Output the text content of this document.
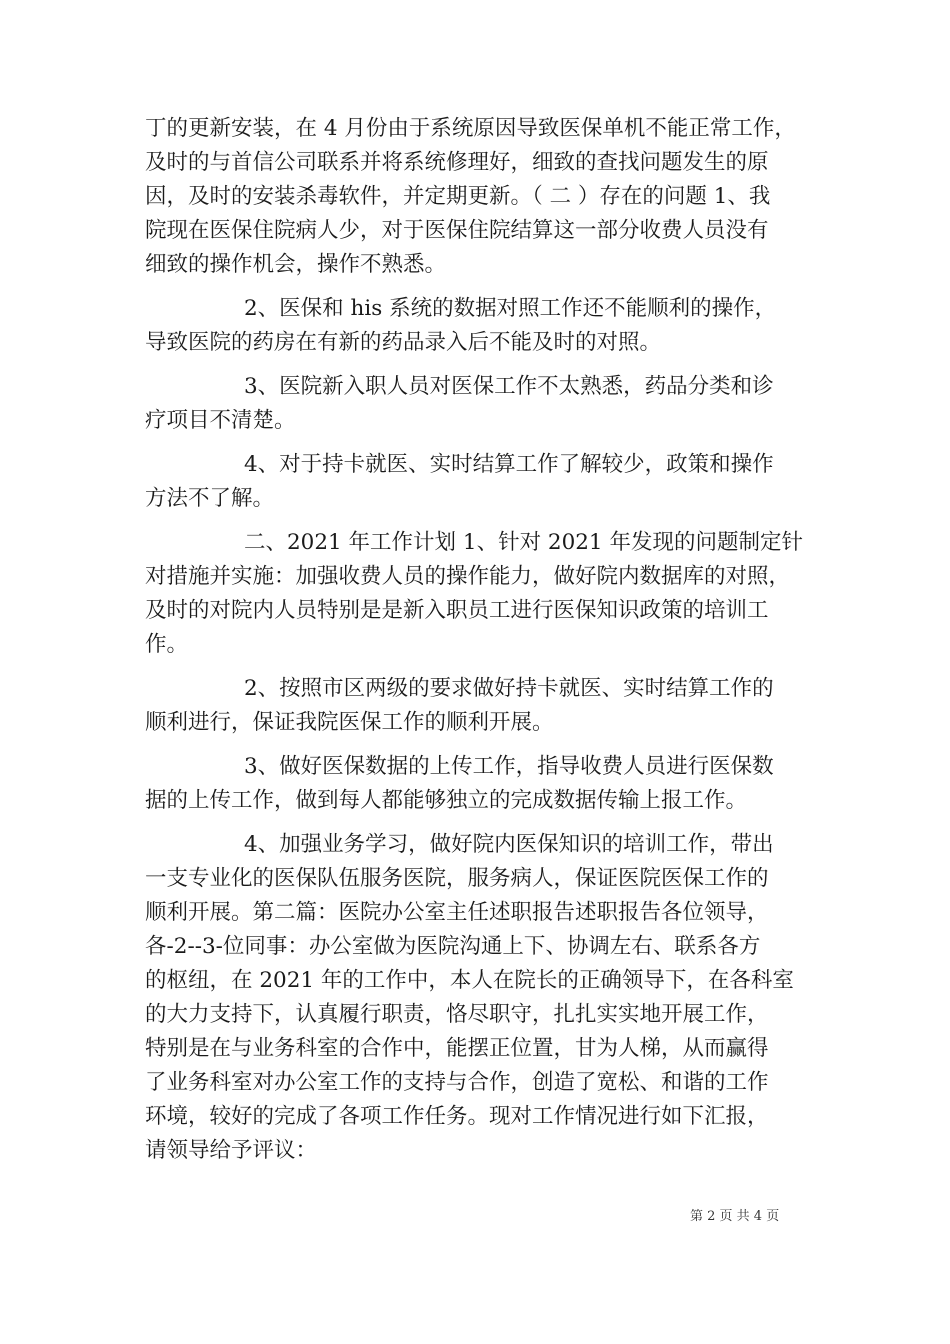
丁的更新安装，在 4 月份由于系统原因导致医保单机不能正常工作，
及时的与首信公司联系并将系统修理好，细致的查找问题发生的原
因，及时的安装杀毒软件，并定期更新。（ 二 ）存在的问题 1、我
院现在医保住院病人少，对于医保住院结算这一部分收费人员没有
细致的操作机会，操作不熟悉。

2、医保和 his 系统的数据对照工作还不能顺利的操作，
导致医院的药房在有新的药品录入后不能及时的对照。

3、医院新入职人员对医保工作不太熟悉，药品分类和诊
疗项目不清楚。

4、对于持卡就医、实时结算工作了解较少，政策和操作
方法不了解。

二、2021 年工作计划 1、针对 2021 年发现的问题制定针
对措施并实施：加强收费人员的操作能力，做好院内数据库的对照，
及时的对院内人员特别是是新入职员工进行医保知识政策的培训工
作。

2、按照市区两级的要求做好持卡就医、实时结算工作的
顺利进行，保证我院医保工作的顺利开展。

3、做好医保数据的上传工作，指导收费人员进行医保数
据的上传工作，做到每人都能够独立的完成数据传输上报工作。

4、加强业务学习，做好院内医保知识的培训工作，带出
一支专业化的医保队伍服务医院，服务病人，保证医院医保工作的
顺利开展。第二篇：医院办公室主任述职报告述职报告各位领导，
各-2--3-位同事：办公室做为医院沟通上下、协调左右、联系各方
的枢纽，在 2021 年的工作中，本人在院长的正确领导下，在各科室
的大力支持下，认真履行职责，恪尽职守，扎扎实实地开展工作，
特别是在与业务科室的合作中，能摆正位置，甘为人梯，从而赢得
了业务科室对办公室工作的支持与合作，创造了宽松、和谐的工作
环境，较好的完成了各项工作任务。现对工作情况进行如下汇报，
请领导给予评议：

第 2 页 共 4 页
